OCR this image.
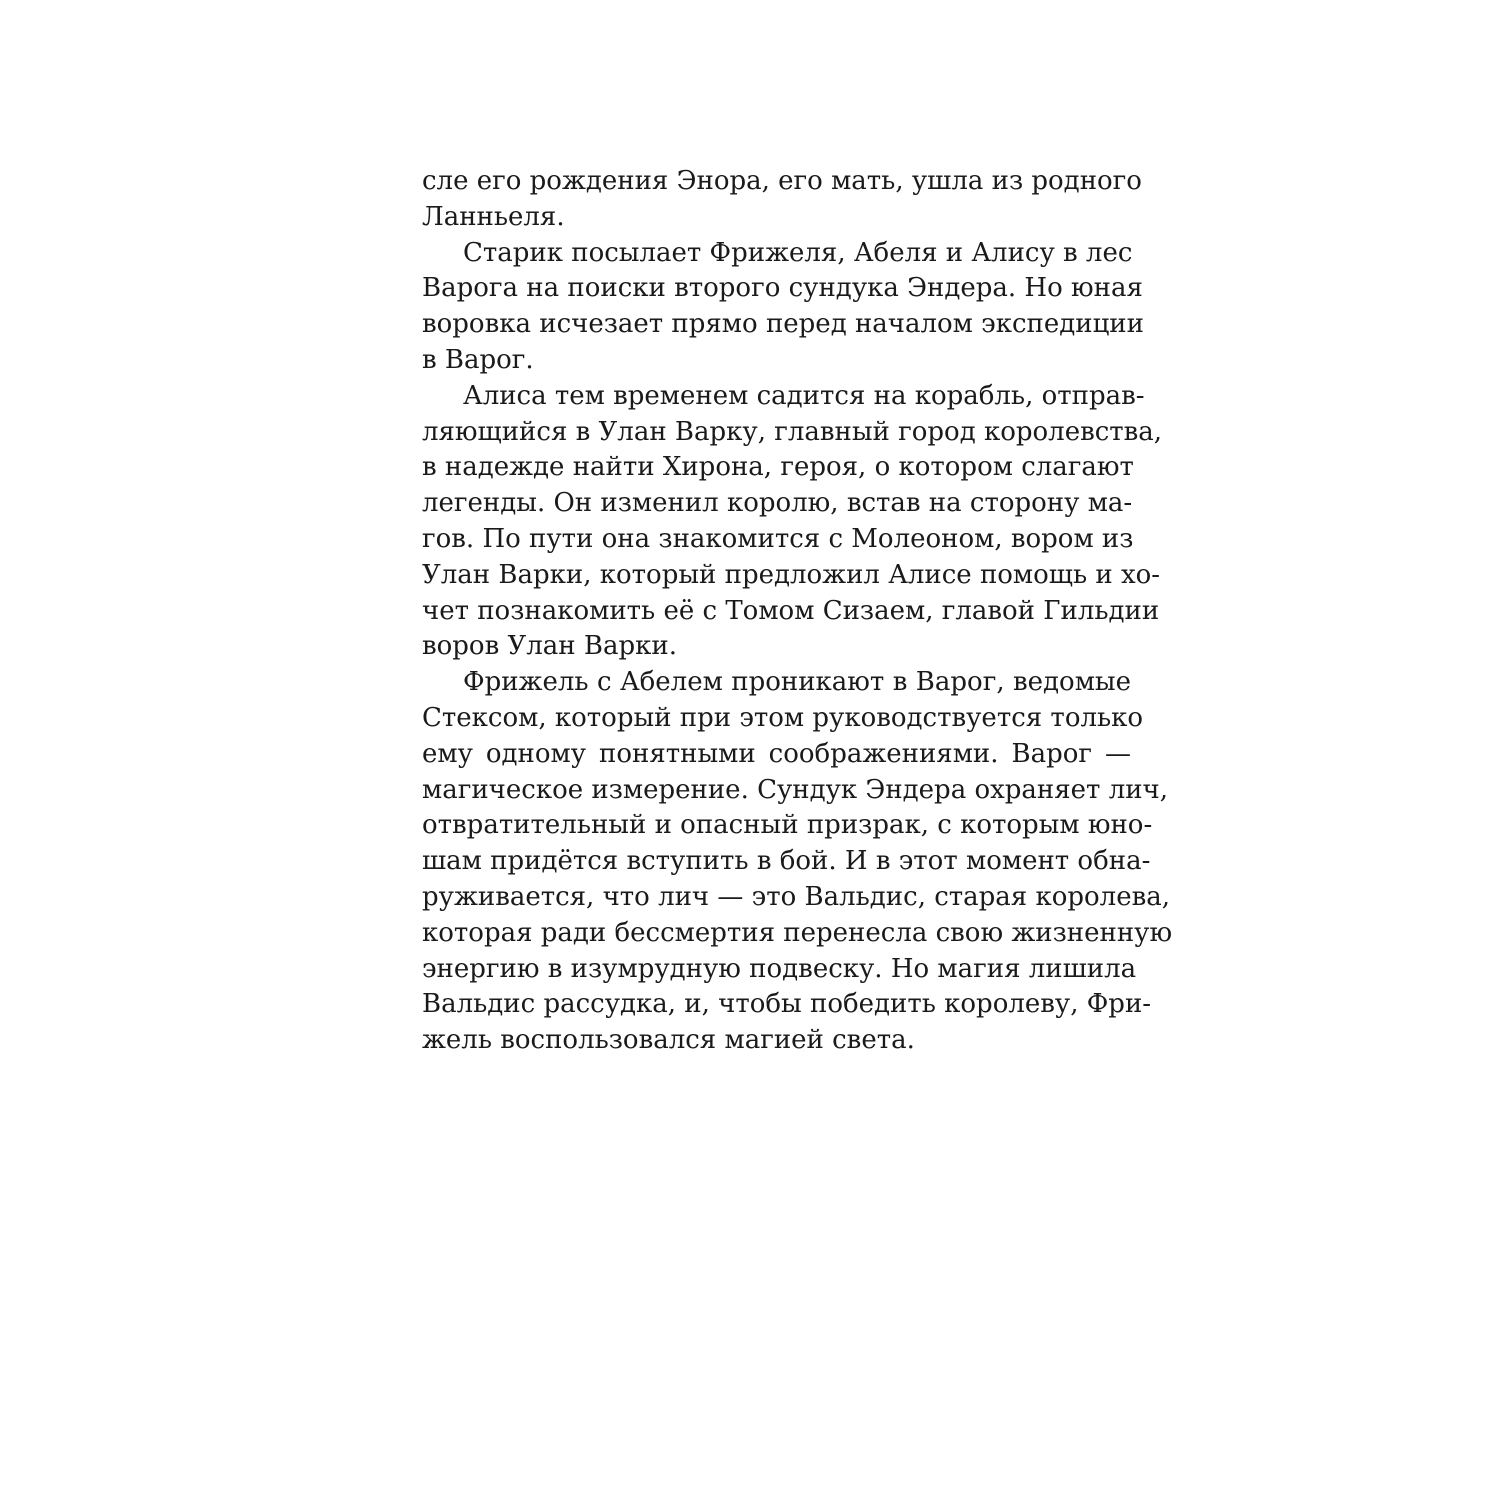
сле его рождения Энора, его мать, ушла из родного
Ланньеля.
Старик посылает Фрижеля, Абеля и Алису в лес
Варога на поиски второго сундука Эндера. Но юная
воровка исчезает прямо перед началом экспедиции
в Варог.
Алиса тем временем садится на корабль, отправ-
ляющийся в Улан Варку, главный город королевства,
в надежде найти Хирона, героя, о котором слагают
легенды. Он изменил королю, встав на сторону ма-
гов. По пути она знакомится с Молеоном, вором из
Улан Варки, который предложил Алисе помощь и хо-
чет познакомить её с Томом Сизаем, главой Гильдии
воров Улан Варки.
Фрижель с Абелем проникают в Варог, ведомые
Стексом, который при этом руководствуется только
ему одному понятными соображениями. Варог —
магическое измерение. Сундук Эндера охраняет лич,
отвратительный и опасный призрак, с которым юно-
шам придётся вступить в бой. И в этот момент обна-
руживается, что лич — это Вальдис, старая королева,
которая ради бессмертия перенесла свою жизненную
энергию в изумрудную подвеску. Но магия лишила
Вальдис рассудка, и, чтобы победить королеву, Фри-
жель воспользовался магией света.
